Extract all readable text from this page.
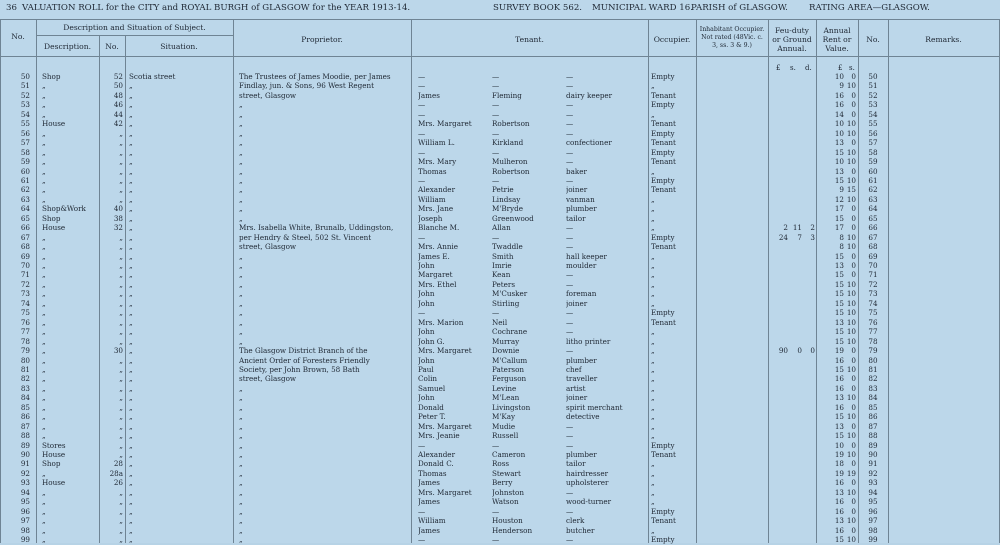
36 VALUATION ROLL for the CITY and ROYAL BURGH of GLASGOW for the YEAR 1913-14.	SURVEY BOOK 562. MUNICIPAL WARD 16.
PARISH of GLASGOW. RATING AREA—GLASGOW.
No.
Description and Situation of Subject.
Description.	No.	Situation.
Proprietor.	Tenant.	Occupier.
Inhabitant Occupier. Not rated (48Vic. c. 3, ss. 3 & 9.)
Feu-duty or Ground Annual.
Annual Rent or Value.
No.	Remarks.
£ s. d.	£ s.
50 Shop	52 Scotia street	The Trustees of James Moodie, per James	—	—	—	Empty	10	0	50
51 „	50 „	Findlay, jun. & Sons, 96 West Regent	—	—	—	„	9 10	51
52 „	48 „	street, Glasgow	James	Fleming	dairy keeper	Tenant	16	0	52
53 „	46 „	„	—	—	—	Empty	16	0	53
54 „	44 „	„	—	—	—	„	14	0	54
55 House	42 „	„	Mrs. Margaret	Robertson	—	Tenant	10 10	55
56 „	„ „	„	—	—	—	Empty	10 10	56
57 „	„ „	„	William L.	Kirkland	confectioner	Tenant	13	0	57
58 „	„ „	„	—	—	—	Empty	15 10	58
59 „	„ „	„	Mrs. Mary	Mulheron	—	Tenant	10 10	59
60 „	„ „	„	Thomas	Robertson	baker	„	13	0	60
61 „	„ „	„	—	—	—	Empty	15 10	61
62 „	„ „	„	Alexander	Petrie	joiner	Tenant	9 15	62
63 „	„ „	„	William	Lindsay	vanman	„	12 10	63
64 Shop&Work	40 „	„	Mrs. Jane	M'Bryde	plumber	„	17	0	64
65 Shop	38 „	„	Joseph	Greenwood	tailor	„	15	0	65
66 House	32 „	Mrs. Isabella White, Brunalb, Uddingston,	Blanche M.	Allan	—	„	2 11	2	17	0	66
67 „	„ „	per Hendry & Steel, 502 St. Vincent	—	—	—	Empty	24	7	3	8 10	67
68 „	„ „	street, Glasgow	Mrs. Annie	Twaddle	—	Tenant	8 10	68
69 „	„ „	„	James E.	Smith	hall keeper	„	15	0	69
70 „	„ „	„	John	Imrie	moulder	„	13	0	70
71 „	„ „	„	Margaret	Kean	—	„	15	0	71
72 „	„ „	„	Mrs. Ethel	Peters	—	„	15 10	72
73 „	„ „	„	John	M'Cusker	foreman	„	15 10	73
74 „	„ „	„	John	Stirling	joiner	„	15 10	74
75 „	„ „	„	—	—	—	Empty	15 10	75
76 „	„ „	„	Mrs. Marion	Neil	—	Tenant	13 10	76
77 „	„ „	„	John	Cochrane	—	„	15 10	77
78 „	„ „	„	John G.	Murray	litho printer	„	15 10	78
79 „	30 „	The Glasgow District Branch of the	Mrs. Margaret	Downie	—	„	90	0	0	19	0	79
80 „	„ „	Ancient Order of Foresters Friendly	John	M'Callum	plumber	„	16	0	80
81 „	„ „	Society, per John Brown, 58 Bath	Paul	Paterson	chef	„	15 10	81
82 „	„ „	street, Glasgow	Colin	Ferguson	traveller	„	16	0	82
83 „	„ „	„	Samuel	Levine	artist	„	16	0	83
84 „	„ „	„	John	M'Lean	joiner	„	13 10	84
85 „	„ „	„	Donald	Livingston	spirit merchant	„	16	0	85
86 „	„ „	„	Peter T.	M'Kay	detective	„	15 10	86
87 „	„ „	„	Mrs. Margaret	Mudie	—	„	13	0	87
88 „	„ „	„	Mrs. Jeanie	Russell	—	„	15 10	88
89 Stores	„ „	„	—	—	—	Empty	10	0	89
90 House	„ „	„	Alexander	Cameron	plumber	Tenant	19 10	90
91 Shop	28 „	„	Donald C.	Ross	tailor	„	18	0	91
92 „	28a „	„	Thomas	Stewart	hairdresser	„	19 19	92
93 House	26 „	„	James	Berry	upholsterer	„	16	0	93
94 „	„ „	„	Mrs. Margaret	Johnston	—	„	13 10	94
95 „	„ „	„	James	Watson	wood-turner	„	16	0	95
96 „	„ „	„	—	—	—	Empty	16	0	96
97 „	„ „	„	William	Houston	clerk	Tenant	13 10	97
98 „	„ „	„	James	Henderson	butcher	„	16	0	98
99 „	„ „	„	—	—	—	Empty	15 10	99
